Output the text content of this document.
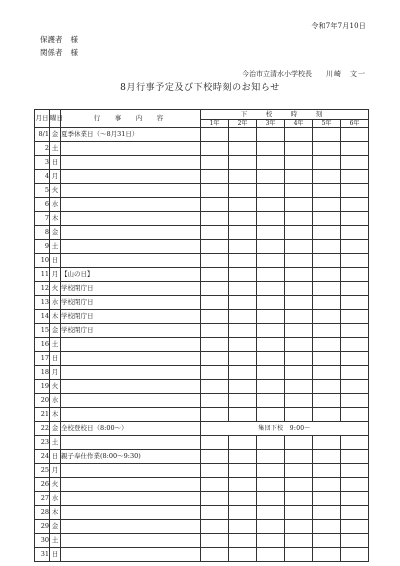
令和7年7月10日
保護者 様
関係者 様
今治市立清水小学校長 川崎　文一
8月行事予定及び下校時刻のお知らせ
月日	曜日	行　事　内　容	下　校　時　刻					
			1年	2年	3年	4年	5年	6年
8/1	金	夏季休業日（～8月31日）						
2	土							
3	日							
4	月							
5	火							
6	水							
7	木							
8	金							
9	土							
10	日							
11	月	【山の日】						
12	火	学校閉庁日						
13	水	学校閉庁日						
14	木	学校閉庁日						
15	金	学校閉庁日						
16	土							
17	日							
18	月							
19	火							
20	水							
21	木							
22	金	全校登校日（8:00～）	集団下校　9:00～					
23	土							
24	日	親子奉仕作業(8:00～9:30)						
25	月							
26	火							
27	水							
28	木							
29	金							
30	土							
31	日							
